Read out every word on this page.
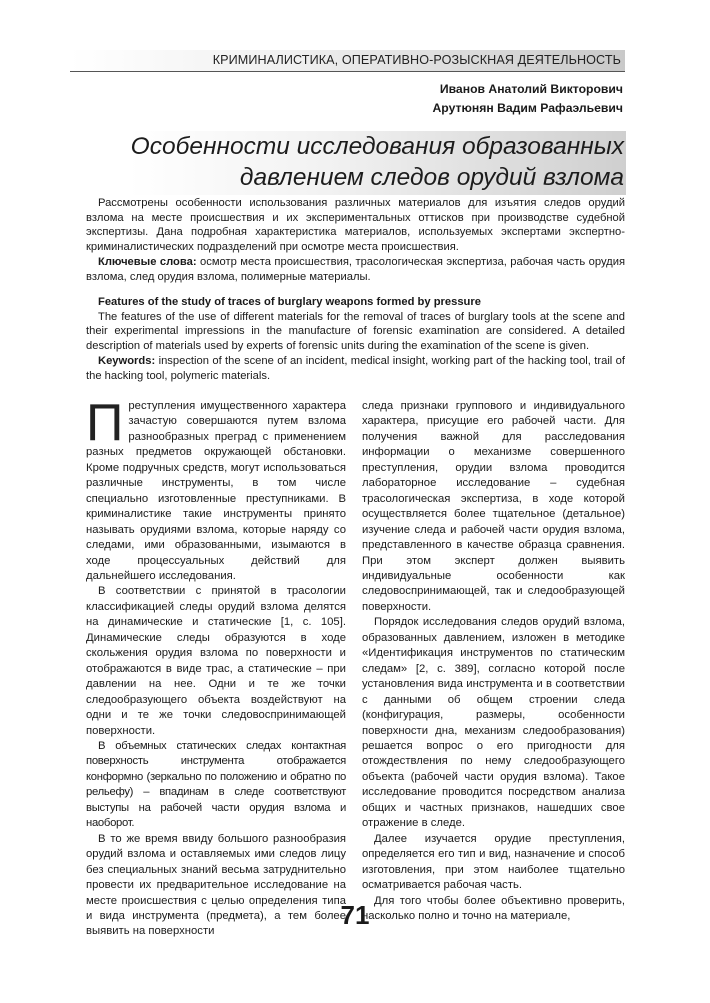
КРИМИНАЛИСТИКА, ОПЕРАТИВНО-РОЗЫСКНАЯ ДЕЯТЕЛЬНОСТЬ
Иванов Анатолий Викторович
Арутюнян Вадим Рафаэльевич
Особенности исследования образованных
давлением следов орудий взлома

Рассмотрены особенности использования различных материалов для изъятия следов орудий взлома на месте происшествия и их экспериментальных оттисков при производстве судебной экспертизы. Дана подробная характеристика материалов, используемых экспертами экспертно-криминалистических подразделений при осмотре места происшествия.

Ключевые слова: осмотр места происшествия, трасологическая экспертиза, рабочая часть орудия взлома, след орудия взлома, полимерные материалы.

Features of the study of traces of burglary weapons formed by pressure

The features of the use of different materials for the removal of traces of burglary tools at the scene and their experimental impressions in the manufacture of forensic examination are considered. A detailed description of materials used by experts of forensic units during the examination of the scene is given.

Keywords: inspection of the scene of an incident, medical insight, working part of the hacking tool, trail of the hacking tool, polymeric materials.

Преступления имущественного характера зачастую совершаются путем взлома разнообразных преград с применением разных предметов окружающей обстановки. Кроме подручных средств, могут использоваться различные инструменты, в том числе специально изготовленные преступниками. В криминалистике такие инструменты принято называть орудиями взлома, которые наряду со следами, ими образованными, изымаются в ходе процессуальных действий для дальнейшего исследования.

В соответствии с принятой в трасологии классификацией следы орудий взлома делятся на динамические и статические [1, с. 105]. Динамические следы образуются в ходе скольжения орудия взлома по поверхности и отображаются в виде трас, а статические – при давлении на нее. Одни и те же точки следообразующего объекта воздействуют на одни и те же точки следовоспринимающей поверхности.

В объемных статических следах контактная поверхность инструмента отображается конформно (зеркально по положению и обратно по рельефу) – впадинам в следе соответствуют выступы на рабочей части орудия взлома и наоборот.

В то же время ввиду большого разнообразия орудий взлома и оставляемых ими следов лицу без специальных знаний весьма затруднительно провести их предварительное исследование на месте происшествия с целью определения типа и вида инструмента (предмета), а тем более выявить на поверхности

следа признаки группового и индивидуального характера, присущие его рабочей части. Для получения важной для расследования информации о механизме совершенного преступления, орудии взлома проводится лабораторное исследование – судебная трасологическая экспертиза, в ходе которой осуществляется более тщательное (детальное) изучение следа и рабочей части орудия взлома, представленного в качестве образца сравнения. При этом эксперт должен выявить индивидуальные особенности как следовоспринимающей, так и следообразующей поверхности.

Порядок исследования следов орудий взлома, образованных давлением, изложен в методике «Идентификация инструментов по статическим следам» [2, с. 389], согласно которой после установления вида инструмента и в соответствии с данными об общем строении следа (конфигурация, размеры, особенности поверхности дна, механизм следообразования) решается вопрос о его пригодности для отождествления по нему следообразующего объекта (рабочей части орудия взлома). Такое исследование проводится посредством анализа общих и частных признаков, нашедших свое отражение в следе.

Далее изучается орудие преступления, определяется его тип и вид, назначение и способ изготовления, при этом наиболее тщательно осматривается рабочая часть.

Для того чтобы более объективно проверить, насколько полно и точно на материале,

71
